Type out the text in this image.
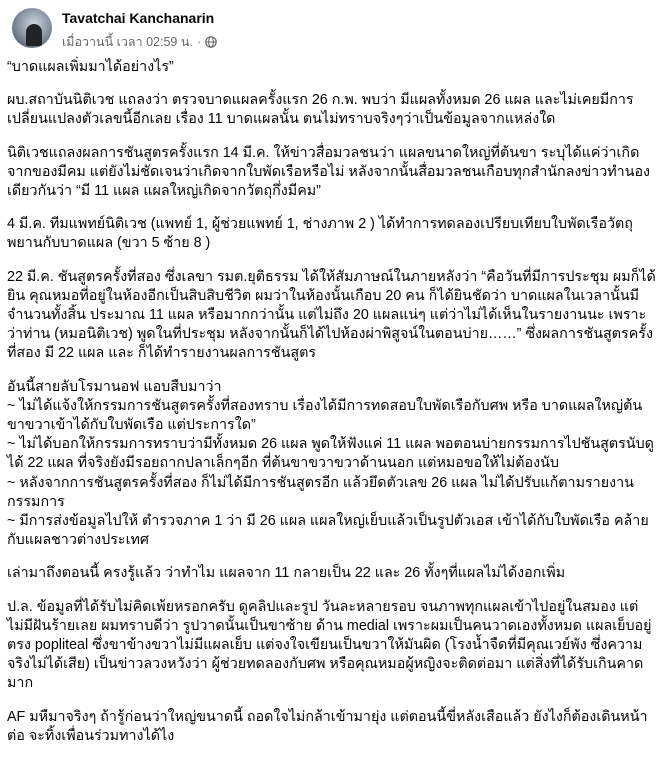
Tavatchai Kanchanarin
เมื่อวานนี้ เวลา 02:59 น. ·

“บาดแผลเพิ่มมาได้อย่างไร”

ผบ.สถาบันนิติเวช แถลงว่า ตรวจบาดแผลครั้งแรก 26 ก.พ. พบว่า มีแผลทั้งหมด 26 แผล และไม่เคยมีการเปลี่ยนแปลงตัวเลขนี้อีกเลย เรื่อง 11 บาดแผลนั้น ตนไม่ทราบจริงๆว่าเป็นข้อมูลจากแหล่งใด

นิติเวชแถลงผลการชันสูตรครั้งแรก 14 มี.ค. ให้ข่าวสื่อมวลชนว่า แผลขนาดใหญ่ที่ต้นขา ระบุได้แค่ว่าเกิดจากของมีคม แต่ยังไม่ชัดเจนว่าเกิดจากใบพัดเรือหรือไม่ หลังจากนั้นสื่อมวลชนเกือบทุกสำนักลงข่าวทำนองเดียวกันว่า “มี 11 แผล แผลใหญ่เกิดจากวัตถุกึ่งมีคม”

4 มี.ค. ทีมแพทย์นิติเวช (แพทย์ 1, ผู้ช่วยแพทย์ 1, ช่างภาพ 2 ) ได้ทำการทดลองเปรียบเทียบใบพัดเรือวัตถุพยานกับบาดแผล (ขวา 5 ซ้าย 8 )

22 มี.ค. ชันสูตรครั้งที่สอง ซึ่งเลขา รมต.ยุติธรรม ได้ให้สัมภาษณ์ในภายหลังว่า “คือวันที่มีการประชุม ผมก็ได้ยิน คุณหมอที่อยู่ในห้องอีกเป็นสิบสิบชีวิต ผมว่าในห้องนั้นเกือบ 20 คน ก็ได้ยินชัดว่า บาดแผลในเวลานั้นมีจำนวนทั้งสิ้น ประมาณ 11 แผล หรือมากกว่านั้น แต่ไม่ถึง 20 แผลแน่ๆ แต่ว่าไม่ได้เห็นในรายงานนะ เพราะว่าท่าน (หมอนิติเวช) พูดในที่ประชุม หลังจากนั้นก็ได้ไปห้องผ่าพิสูจน์ในตอนบ่าย……” ซึ่งผลการชันสูตรครั้งที่สอง มี 22 แผล และ ก็ได้ทำรายงานผลการชันสูตร

อันนี้สายลับโรมานอฟ แอบสืบมาว่า
~ ไม่ได้แจ้งให้กรรมการชันสูตรครั้งที่สองทราบ เรื่องได้มีการทดสอบใบพัดเรือกับศพ หรือ บาดแผลใหญ่ต้นขาขวาเข้าได้กับใบพัดเรือ แต่ประการใด”
~ ไม่ได้บอกให้กรรมการทราบว่ามีทั้งหมด 26 แผล พูดให้ฟังแค่ 11 แผล พอตอนบ่ายกรรมการไปชันสูตรนับดูได้ 22 แผล ที่จริงยังมีรอยถากปลาเล็กๆอีก ที่ต้นขาขวาขวาด้านนอก แต่หมอขอให้ไม่ต้องนับ
~ หลังจากการชันสูตรครั้งที่สอง ก็ไม่ได้มีการชันสูตรอีก แล้วยึดตัวเลข 26 แผล ไม่ได้ปรับแก้ตามรายงานกรรมการ
~ มีการส่งข้อมูลไปให้ ตำรวจภาค 1 ว่า มี 26 แผล แผลใหญ่เย็บแล้วเป็นรูปตัวเอส เข้าได้กับใบพัดเรือ คล้ายกับแผลชาวต่างประเทศ

เล่ามาถึงตอนนี้ ครงรู้แล้ว ว่าทำไม แผลจาก 11 กลายเป็น 22 และ 26 ทั้งๆที่แผลไม่ได้งอกเพิ่ม

ป.ล. ข้อมูลที่ได้รับไม่คิดเพ้ยหรอกครับ ดูคลิปและรูป วันละหลายรอบ จนภาพทุกแผลเข้าไปอยู่ในสมอง แต่ไม่มีฝันร้ายเลย ผมทราบดีว่า รูปวาดนั้นเป็นขาซ้าย ด้าน medial เพราะผมเป็นคนวาดเองทั้งหมด แผลเย็บอยู่ตรง popliteal ซึ่งขาข้างขวาไม่มีแผลเย็บ แต่จงใจเขียนเป็นขวาให้มันผิด (โรงน้ำจืดที่มีคุณเวย์พัง ซึ่งความจริงไม่ได้เสีย) เป็นข่าวลวงหวังว่า ผู้ช่วยทดลองกับศพ หรือคุณหมอผู้หญิงจะติดต่อมา แต่สิ่งที่ได้รับเกินคาดมาก

AF มหืมาจริงๆ ถ้ารู้ก่อนว่าใหญ่ขนาดนี้ ถอดใจไม่กล้าเข้ามายุ่ง แต่ตอนนี้ขี่หลังเสือแล้ว ยังไงก็ต้องเดินหน้าต่อ จะทิ้งเพื่อนร่วมทางได้ไง
